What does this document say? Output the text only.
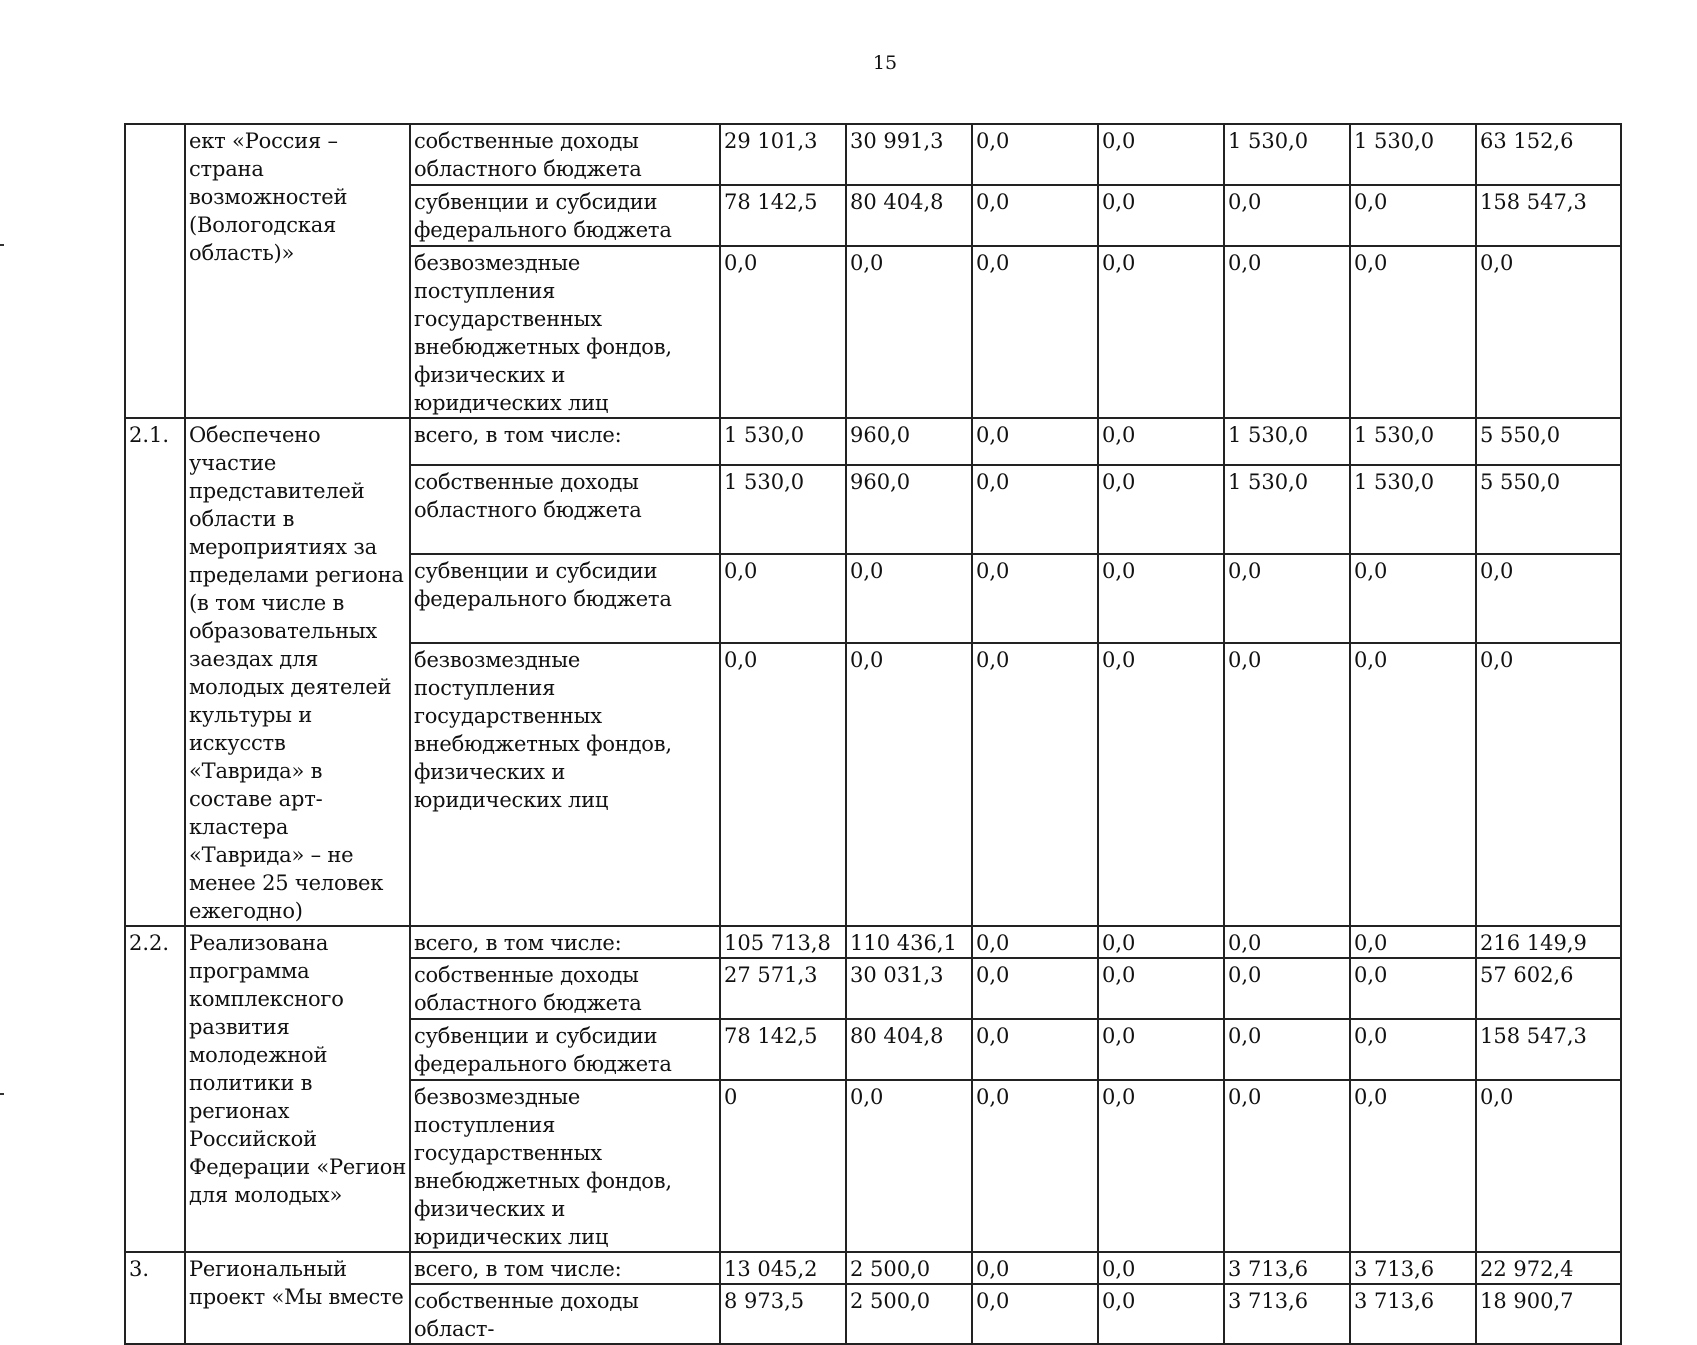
15
	ект «Россия – страна возможностей (Вологодская область)»	собственные доходы областного бюджета	29 101,3	30 991,3	0,0	0,0	1 530,0	1 530,0	63 152,6
		субвенции и субсидии федерального бюджета	78 142,5	80 404,8	0,0	0,0	0,0	0,0	158 547,3
		безвозмездные поступления государственных внебюджетных фондов, физических и юридических лиц	0,0	0,0	0,0	0,0	0,0	0,0	0,0
2.1.	Обеспечено участие представителей области в мероприятиях за пределами региона (в том числе в образовательных заездах для молодых деятелей культуры и искусств «Таврида» в составе арт-кластера «Таврида» – не менее 25 человек ежегодно)	всего, в том числе:	1 530,0	960,0	0,0	0,0	1 530,0	1 530,0	5 550,0
		собственные доходы областного бюджета	1 530,0	960,0	0,0	0,0	1 530,0	1 530,0	5 550,0
		субвенции и субсидии федерального бюджета	0,0	0,0	0,0	0,0	0,0	0,0	0,0
		безвозмездные поступления государственных внебюджетных фондов, физических и юридических лиц	0,0	0,0	0,0	0,0	0,0	0,0	0,0
2.2.	Реализована программа комплексного развития молодежной политики в регионах Российской Федерации «Регион для молодых»	всего, в том числе:	105 713,8	110 436,1	0,0	0,0	0,0	0,0	216 149,9
		собственные доходы областного бюджета	27 571,3	30 031,3	0,0	0,0	0,0	0,0	57 602,6
		субвенции и субсидии федерального бюджета	78 142,5	80 404,8	0,0	0,0	0,0	0,0	158 547,3
		безвозмездные поступления государственных внебюджетных фондов, физических и юридических лиц	0	0,0	0,0	0,0	0,0	0,0	0,0
3.	Региональный проект «Мы вместе	всего, в том числе:	13 045,2	2 500,0	0,0	0,0	3 713,6	3 713,6	22 972,4
		собственные доходы област-	8 973,5	2 500,0	0,0	0,0	3 713,6	3 713,6	18 900,7
